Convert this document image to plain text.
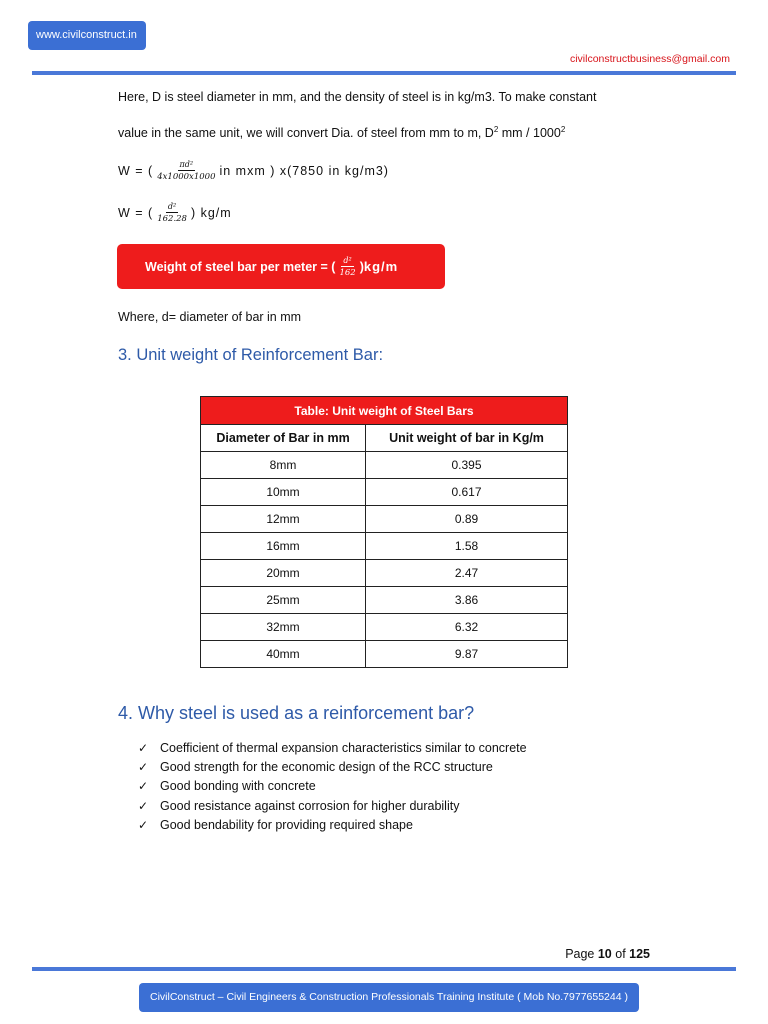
www.civilconstruct.in
civilconstructbusiness@gmail.com
Here, D is steel diameter in mm, and the density of steel is in kg/m3. To make constant
value in the same unit, we will convert Dia. of steel from mm to m, $D^2$ mm / 1000$^2$
W = ( $\frac{\text{πd²}}{4x1000x1000}$ in mxm ) x(7850 in kg/m3)
W = ( $\frac{\text{d²}}{162.28}$ ) kg/m
Weight of steel bar per meter = ( $\frac{\text{d²}}{162}$ ) kg/m
Where, d= diameter of bar in mm
3. Unit weight of Reinforcement Bar:
Table: Unit weight of Steel Bars	
Diameter of Bar in mm	Unit weight of bar in Kg/m
8mm	0.395
10mm	0.617
12mm	0.89
16mm	1.58
20mm	2.47
25mm	3.86
32mm	6.32
40mm	9.87
4. Why steel is used as a reinforcement bar?
✓ Coefficient of thermal expansion characteristics similar to concrete
✓ Good strength for the economic design of the RCC structure
✓ Good bonding with concrete
✓ Good resistance against corrosion for higher durability
✓ Good bendability for providing required shape
Page 10 of 125
CivilConstruct – Civil Engineers & Construction Professionals Training Institute ( Mob No.7977655244 )
